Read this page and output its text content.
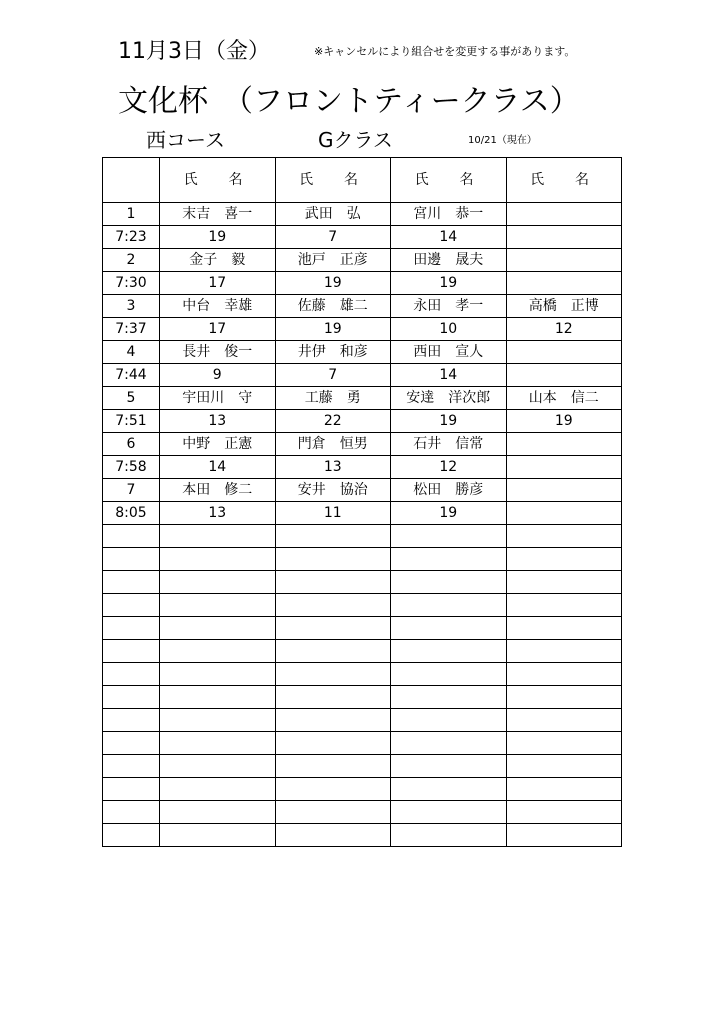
11月3日（金）	※キャンセルにより組合せを変更する事があります。
文化杯　（フロントティークラス）
西コース	Gクラス	10/21（現在）
	氏　名	氏　名	氏　名	氏　名
1	末吉　喜一	武田　弘	宮川　恭一	
7:23	19	7	14	
2	金子　毅	池戸　正彦	田邊　晟夫	
7:30	17	19	19	
3	中台　幸雄	佐藤　雄二	永田　孝一	高橋　正博
7:37	17	19	10	12
4	長井　俊一	井伊　和彦	西田　宣人	
7:44	9	7	14	
5	宇田川　守	工藤　勇	安達　洋次郎	山本　信二
7:51	13	22	19	19
6	中野　正憲	門倉　恒男	石井　信常	
7:58	14	13	12	
7	本田　修二	安井　協治	松田　勝彦	
8:05	13	11	19	
